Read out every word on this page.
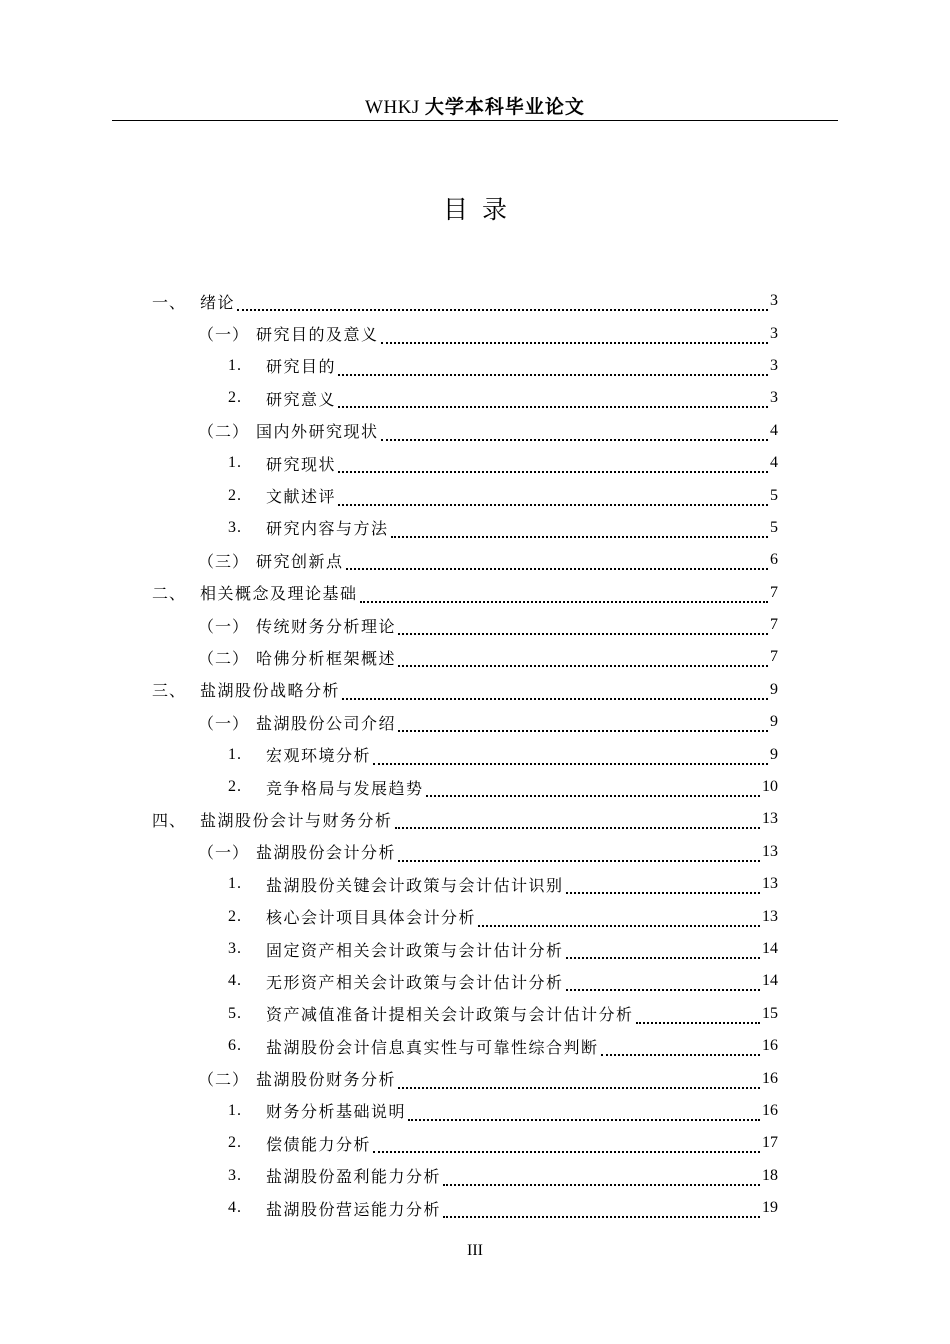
WHKJ 大学本科毕业论文
目录
一、 绪论	3
（一） 研究目的及意义	3
1.	研究目的	3
2.	研究意义	3
（二） 国内外研究现状	4
1.	研究现状	4
2.	文献述评	5
3.	研究内容与方法	5
（三） 研究创新点	6
二、 相关概念及理论基础	7
（一） 传统财务分析理论	7
（二） 哈佛分析框架概述	7
三、 盐湖股份战略分析	9
（一） 盐湖股份公司介绍	9
1.	宏观环境分析	9
2.	竞争格局与发展趋势	10
四、 盐湖股份会计与财务分析	13
（一） 盐湖股份会计分析	13
1.	盐湖股份关键会计政策与会计估计识别	13
2.	核心会计项目具体会计分析	13
3.	固定资产相关会计政策与会计估计分析	14
4.	无形资产相关会计政策与会计估计分析	14
5.	资产减值准备计提相关会计政策与会计估计分析	15
6.	盐湖股份会计信息真实性与可靠性综合判断	16
（二） 盐湖股份财务分析	16
1.	财务分析基础说明	16
2.	偿债能力分析	17
3.	盐湖股份盈利能力分析	18
4.	盐湖股份营运能力分析	19
III
